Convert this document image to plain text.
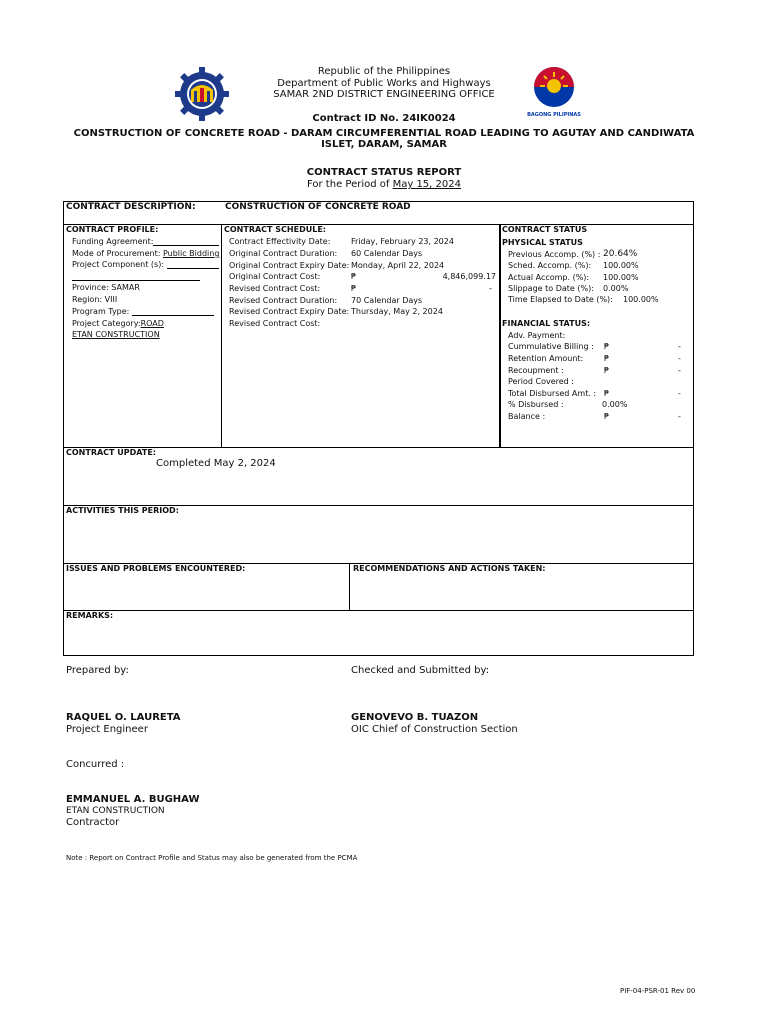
BAGONG PILIPINAS
Republic of the Philippines
Department of Public Works and Highways
SAMAR 2ND DISTRICT ENGINEERING OFFICE
Contract ID No. 24IK0024
CONSTRUCTION OF CONCRETE ROAD - DARAM CIRCUMFERENTIAL ROAD LEADING TO AGUTAY AND CANDIWATA
ISLET, DARAM, SAMAR
CONTRACT STATUS REPORT
For the Period of May 15, 2024
CONTRACT DESCRIPTION:	CONSTRUCTION OF CONCRETE ROAD
CONTRACT PROFILE:
Funding Agreement:
Mode of Procurement: Public Bidding
Project Component (s):
Province: SAMAR
Region: VIII
Program Type:
Project Category:ROAD
ETAN CONSTRUCTION
CONTRACT SCHEDULE:
Contract Effectivity Date:	Friday, February 23, 2024
Original Contract Duration: 60 Calendar Days
Original Contract Expiry Date: Monday, April 22, 2024
Original Contract Cost:	₱	4,846,099.17
Revised Contract Cost:	₱	-
Revised Contract Duration: 70 Calendar Days
Revised Contract Expiry Date: Thursday, May 2, 2024
Revised Contract Cost:
CONTRACT STATUS
PHYSICAL STATUS
Previous Accomp. (%) : 20.64%
Sched. Accomp. (%): 100.00%
Actual Accomp. (%): 100.00%
Slippage to Date (%): 0.00%
Time Elapsed to Date (%): 100.00%
FINANCIAL STATUS:
Adv. Payment:
Cummulative Billing : ₱	-
Retention Amount:	₱	-
Recoupment :	₱	-
Period Covered :
Total Disbursed Amt. : ₱	-
% Disbursed :	0.00%
Balance :	₱	-
CONTRACT UPDATE:
Completed May 2, 2024
ACTIVITIES THIS PERIOD:
ISSUES AND PROBLEMS ENCOUNTERED:	RECOMMENDATIONS AND ACTIONS TAKEN:
REMARKS:
Prepared by:	Checked and Submitted by:
RAQUEL O. LAURETA
Project Engineer
GENOVEVO B. TUAZON
OIC Chief of Construction Section
Concurred :
EMMANUEL A. BUGHAW
ETAN CONSTRUCTION
Contractor
Note : Report on Contract Profile and Status may also be generated from the PCMA
PIF-04-PSR-01 Rev 00
